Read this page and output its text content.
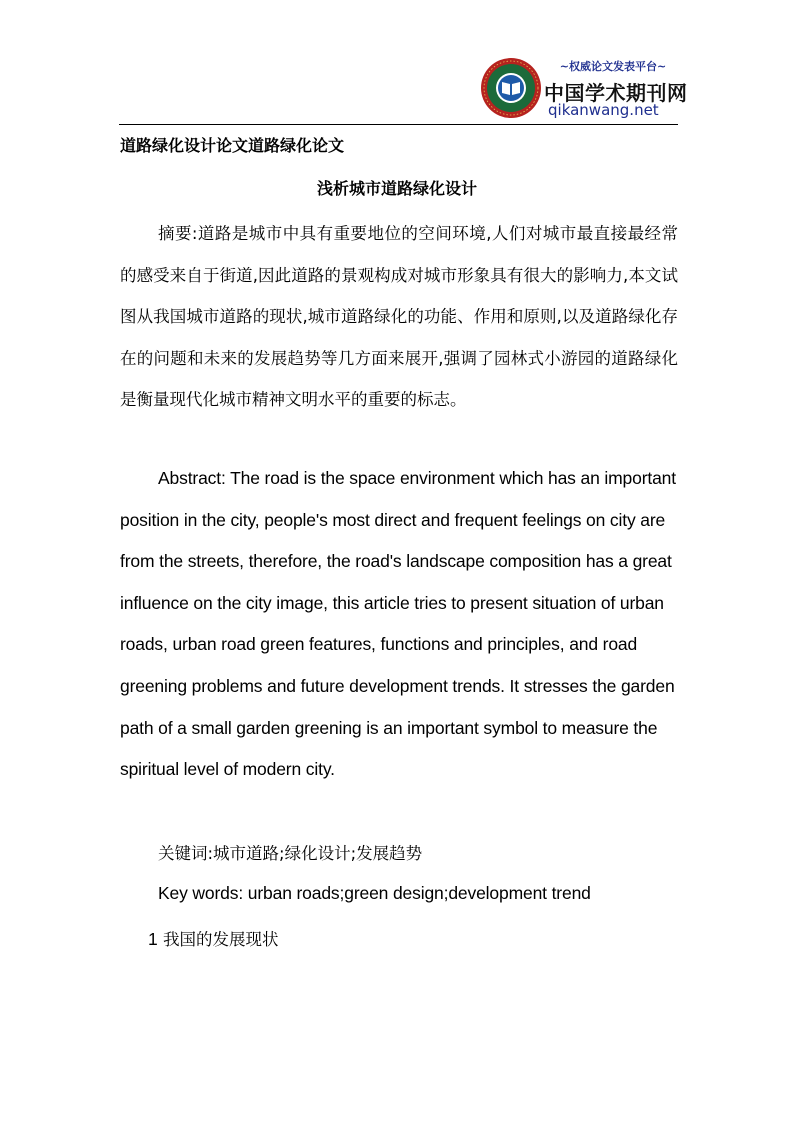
~权威论文发表平台~
中国学术期刊网
qikanwang.net
道路绿化设计论文道路绿化论文
浅析城市道路绿化设计

摘要:道路是城市中具有重要地位的空间环境,人们对城市最直接最经常的感受来自于街道,因此道路的景观构成对城市形象具有很大的影响力,本文试图从我国城市道路的现状,城市道路绿化的功能、作用和原则,以及道路绿化存在的问题和未来的发展趋势等几方面来展开,强调了园林式小游园的道路绿化是衡量现代化城市精神文明水平的重要的标志。

Abstract: The road is the space environment which has an important position in the city, people's most direct and frequent feelings on city are from the streets, therefore, the road's landscape composition has a great influence on the city image, this article tries to present situation of urban roads, urban road green features, functions and principles, and road greening problems and future development trends. It stresses the garden path of a small garden greening is an important symbol to measure the spiritual level of modern city.

关键词:城市道路;绿化设计;发展趋势
Key words: urban roads;green design;development trend
1 我国的发展现状
